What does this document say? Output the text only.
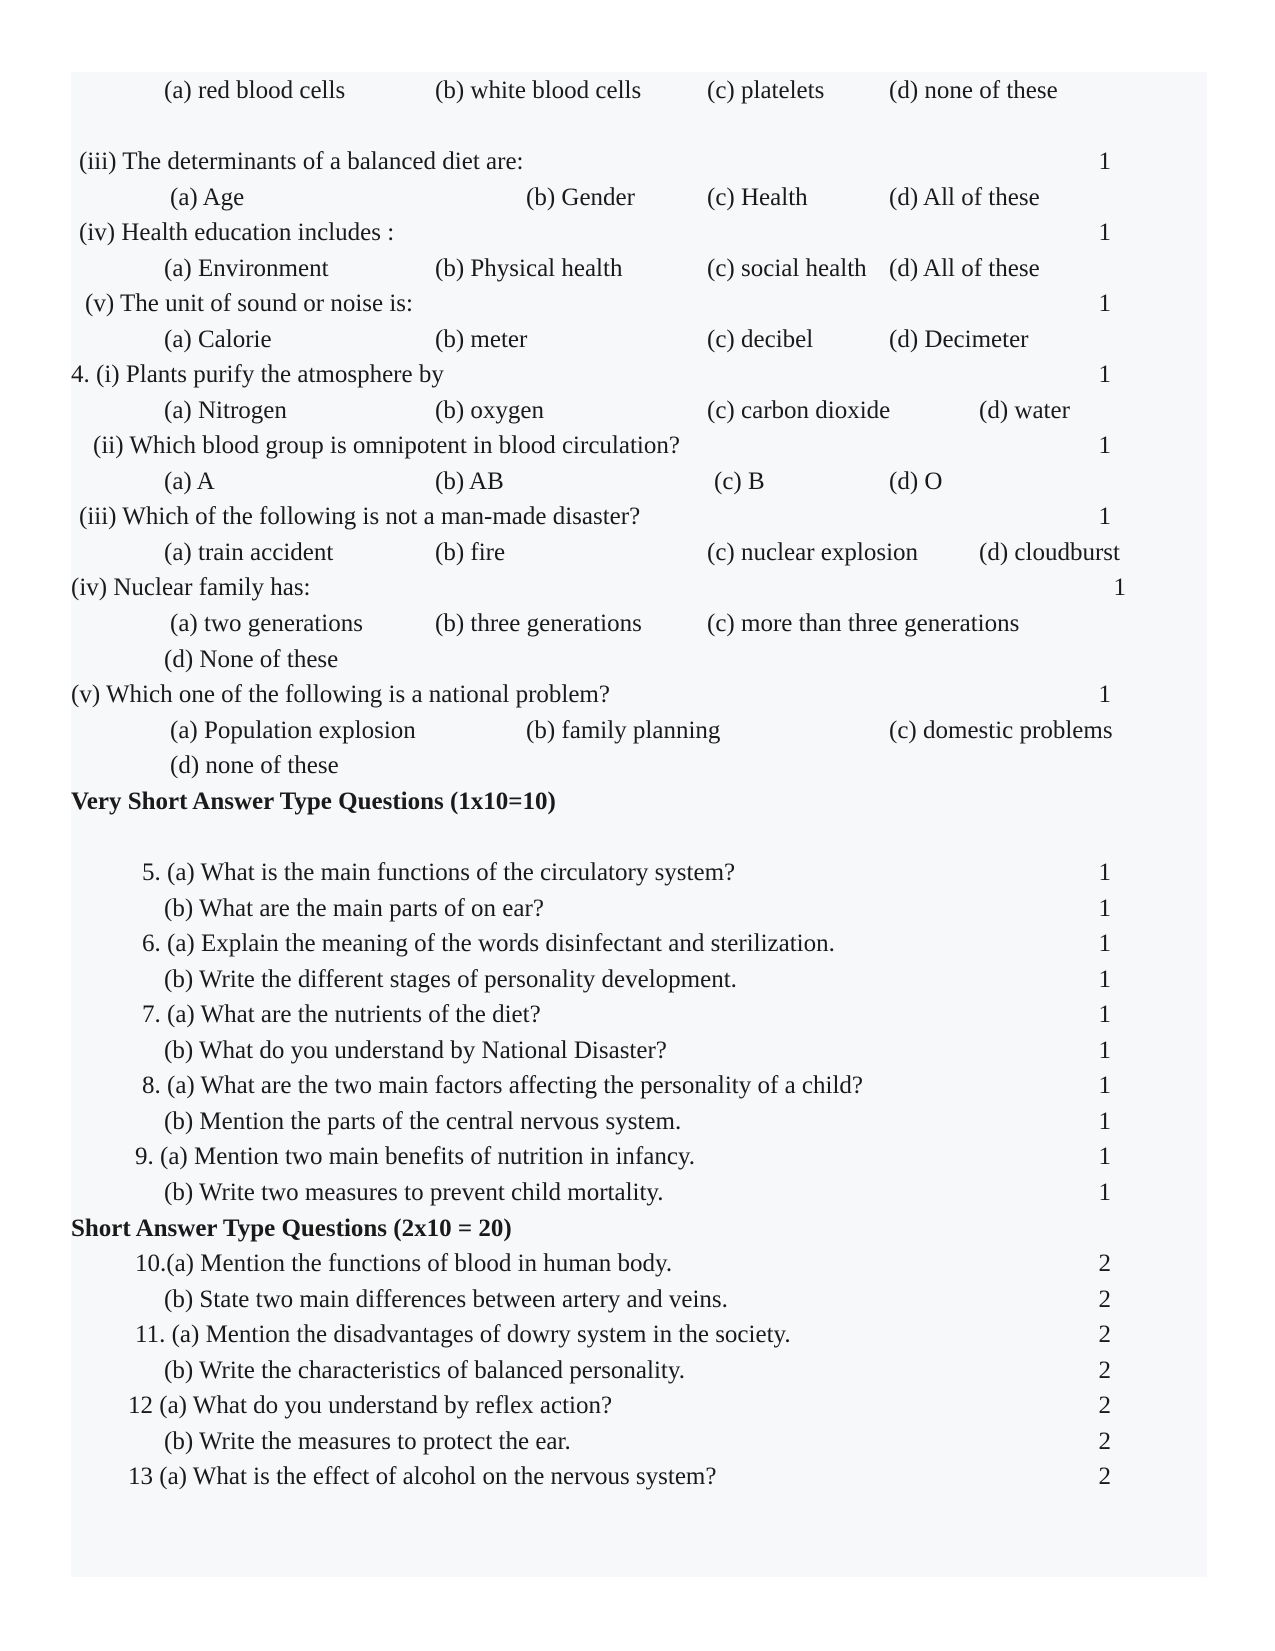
(a) red blood cells	(b) white blood cells	(c) platelets	(d) none of these
(iii) The determinants of a balanced diet are:	1
(a) Age	(b) Gender	(c) Health	(d) All of these
(iv) Health education includes :	1
(a) Environment	(b) Physical health	(c) social health (d) All of these
(v) The unit of sound or noise is:	1
(a) Calorie	(b) meter	(c) decibel	(d) Decimeter
4. (i) Plants purify the atmosphere by	1
(a) Nitrogen	(b) oxygen	(c) carbon dioxide	(d) water
(ii) Which blood group is omnipotent in blood circulation?	1
(a) A	(b) AB	(c) B	(d) O
(iii) Which of the following is not a man-made disaster?	1
(a) train accident	(b) fire	(c) nuclear explosion (d) cloudburst
(iv) Nuclear family has:	1
(a) two generations	(b) three generations	(c) more than three generations
(d) None of these
(v) Which one of the following is a national problem?	1
(a) Population explosion	(b) family planning	(c) domestic problems
(d) none of these
Very Short Answer Type Questions (1x10=10)
5. (a) What is the main functions of the circulatory system?	1
(b) What are the main parts of on ear?	1
6. (a) Explain the meaning of the words disinfectant and sterilization.	1
(b) Write the different stages of personality development.	1
7. (a) What are the nutrients of the diet?	1
(b) What do you understand by National Disaster?	1
8. (a) What are the two main factors affecting the personality of a child?	1
(b) Mention the parts of the central nervous system.	1
9. (a) Mention two main benefits of nutrition in infancy.	1
(b) Write two measures to prevent child mortality.	1
Short Answer Type Questions (2x10 = 20)
10.(a) Mention the functions of blood in human body.	2
(b) State two main differences between artery and veins.	2
11. (a) Mention the disadvantages of dowry system in the society.	2
(b) Write the characteristics of balanced personality.	2
12 (a) What do you understand by reflex action?	2
(b) Write the measures to protect the ear.	2
13 (a) What is the effect of alcohol on the nervous system?	2
